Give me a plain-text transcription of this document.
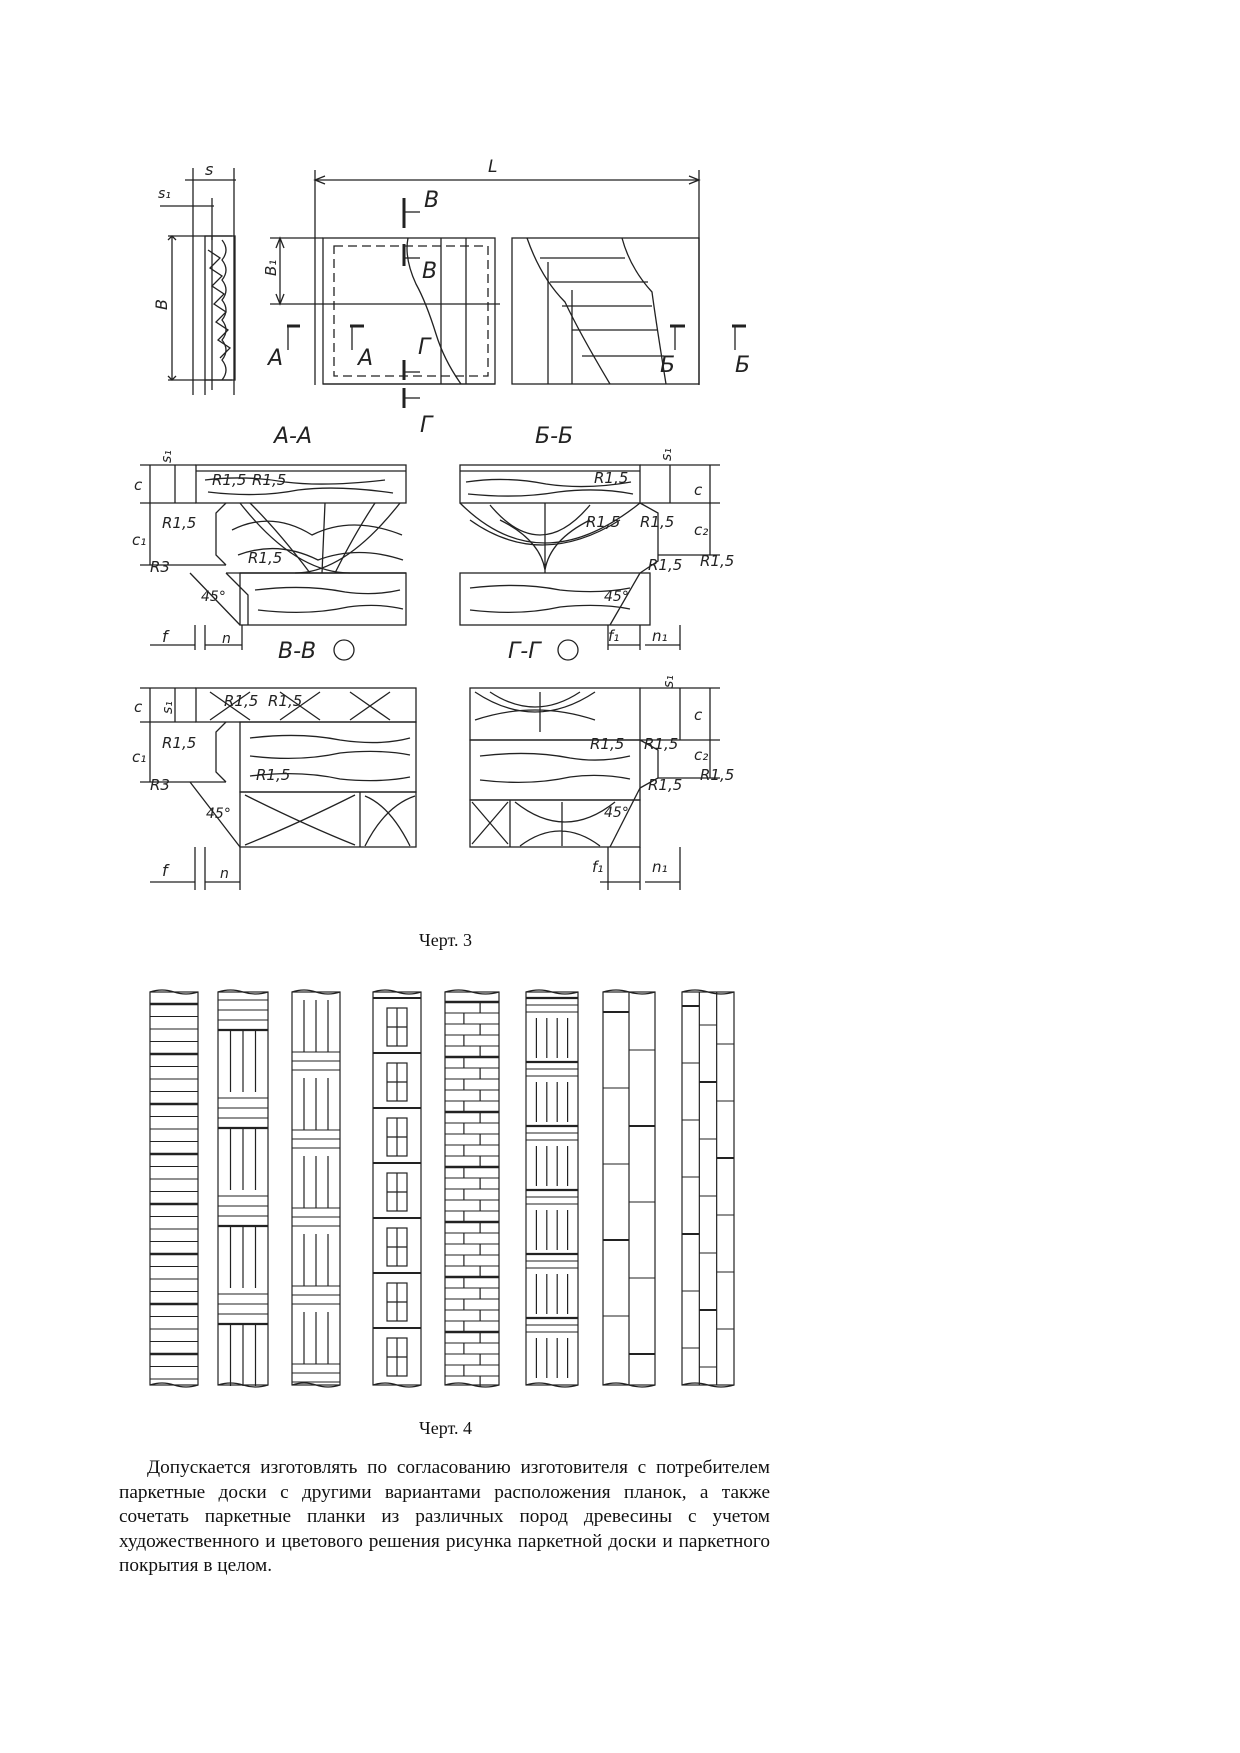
s
s₁
B
L
B₁
В
В
Г
Г
A	A	Б	Б
А-А	Б-Б
В-В	Г-Г
s₁
c
c₁
R1,5 R1,5
R1,5
R1,5
R3
45°
f	n
s₁
c
c₂
R1,5
R1,5 R1,5
R1,5
R1,5
45°
f₁ n₁
s₁
c
c₁
R1,5 R1,5
R1,5
R1,5
R3
45°
f	n
s₁
c
c₂
R1,5 R1,5
R1,5
R1,5
45°
f₁	n₁
Черт. 3
Черт. 4

Допускается изготовлять по согласованию изготовителя с потребителем паркетные доски с другими вариантами расположения планок, а также сочетать паркетные планки из различных пород древесины с учетом художественного и цветового решения рисунка паркетной доски и паркетного покрытия в целом.
